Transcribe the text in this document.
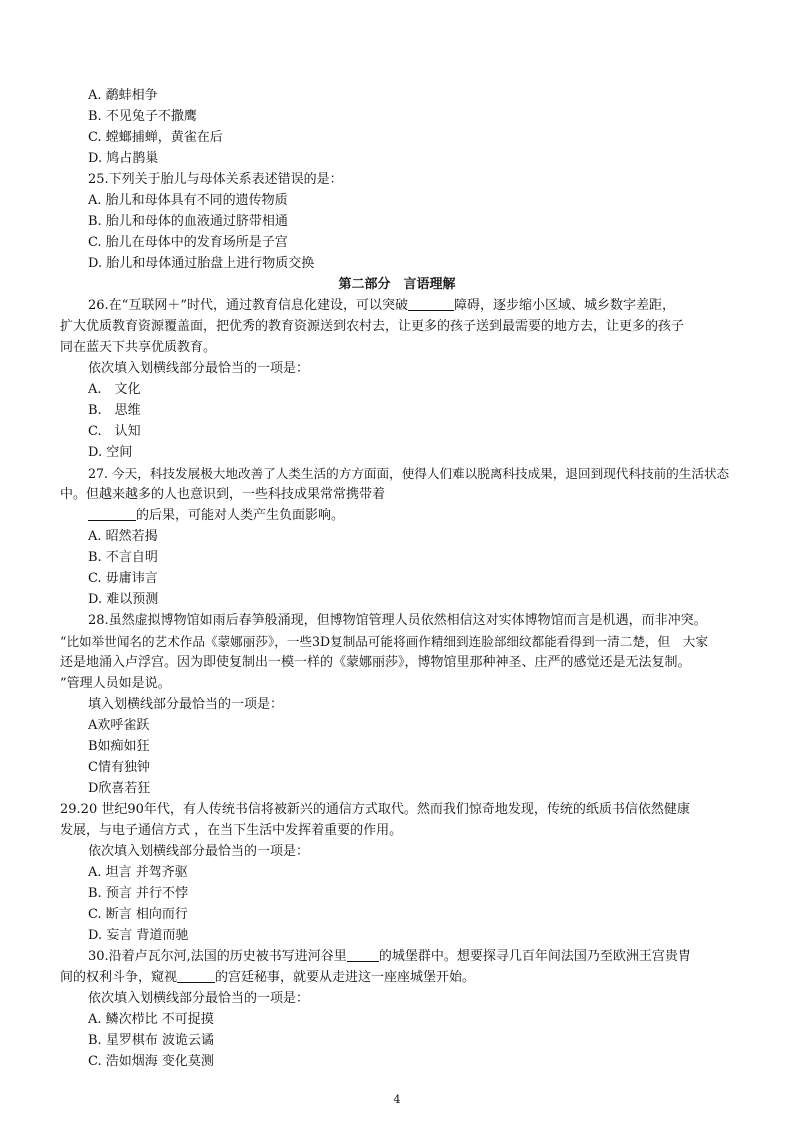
A. 鹬蚌相争
B. 不见兔子不撒鹰
C. 螳螂捕蝉，黄雀在后
D. 鸠占鹊巢
25.下列关于胎儿与母体关系表述错误的是：
A. 胎儿和母体具有不同的遗传物质
B. 胎儿和母体的血液通过脐带相通
C. 胎儿在母体中的发育场所是子宫
D. 胎儿和母体通过胎盘上进行物质交换
第二部分　言语理解
26.在“互联网＋”时代，通过教育信息化建设，可以突破	障碍，逐步缩小区域、城乡数字差距，
扩大优质教育资源覆盖面，把优秀的教育资源送到农村去，让更多的孩子送到最需要的地方去，让更多的孩子
同在蓝天下共享优质教育。
依次填入划横线部分最恰当的一项是：
A.　文化
B.　思维
C.　认知
D. 空间
27. 今天，科技发展极大地改善了人类生活的方方面面，使得人们难以脱离科技成果，退回到现代科技前的生活状态
中。但越来越多的人也意识到，一些科技成果常常携带着
的后果，可能对人类产生负面影响。
A. 昭然若揭
B. 不言自明
C. 毋庸讳言
D. 难以预测
28.虽然虚拟博物馆如雨后春笋般涌现，但博物馆管理人员依然相信这对实体博物馆而言是机遇，而非冲突。
“比如举世闻名的艺术作品《蒙娜丽莎》，一些3D复制品可能将画作精细到连脸部细纹都能看得到一清二楚，但　大家
还是地涌入卢浮宫。因为即使复制出一模一样的《蒙娜丽莎》，博物馆里那种神圣、庄严的感觉还是无法复制。
”管理人员如是说。
填入划横线部分最恰当的一项是：
A欢呼雀跃
B如痴如狂
C情有独钟
D欣喜若狂
29.20 世纪90年代，有人传统书信将被新兴的通信方式取代。然而我们惊奇地发现，传统的纸质书信依然健康
发展，与电子通信方式 ，在当下生活中发挥着重要的作用。
依次填入划横线部分最恰当的一项是：
A. 坦言 并驾齐驱
B. 预言 并行不悖
C. 断言 相向而行
D. 妄言 背道而驰
30.沿着卢瓦尔河,法国的历史被书写进河谷里 的城堡群中。想要探寻几百年间法国乃至欧洲王宫贵胄
间的权利斗争，窥视	的宫廷秘事，就要从走进这一座座城堡开始。
依次填入划横线部分最恰当的一项是：
A. 鳞次栉比 不可捉摸
B. 星罗棋布 波诡云谲
C. 浩如烟海 变化莫测
4
